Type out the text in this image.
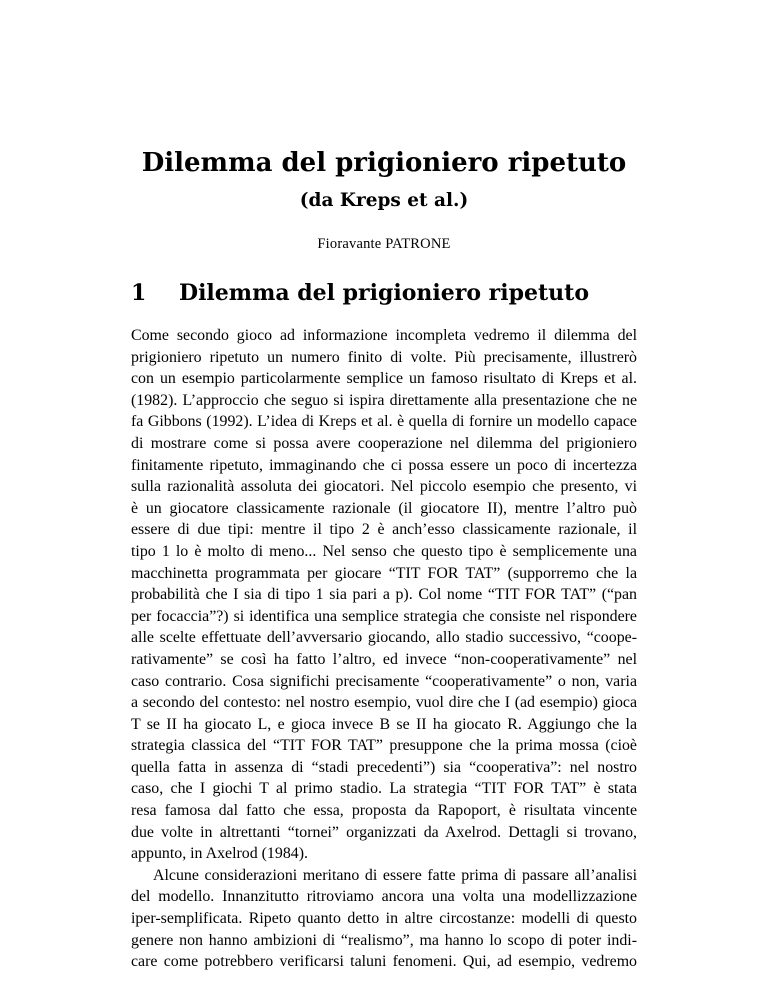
Dilemma del prigioniero ripetuto
(da Kreps et al.)
Fioravante PATRONE
1 Dilemma del prigioniero ripetuto
Come secondo gioco ad informazione incompleta vedremo il dilemma del
prigioniero ripetuto un numero finito di volte. Più precisamente, illustrerò
con un esempio particolarmente semplice un famoso risultato di Kreps et al.
(1982). L’approccio che seguo si ispira direttamente alla presentazione che ne
fa Gibbons (1992). L’idea di Kreps et al. è quella di fornire un modello capace
di mostrare come si possa avere cooperazione nel dilemma del prigioniero
finitamente ripetuto, immaginando che ci possa essere un poco di incertezza
sulla razionalità assoluta dei giocatori. Nel piccolo esempio che presento, vi
è un giocatore classicamente razionale (il giocatore II), mentre l’altro può
essere di due tipi: mentre il tipo 2 è anch’esso classicamente razionale, il
tipo 1 lo è molto di meno... Nel senso che questo tipo è semplicemente una
macchinetta programmata per giocare “TIT FOR TAT” (supporremo che la
probabilità che I sia di tipo 1 sia pari a p). Col nome “TIT FOR TAT” (“pan
per focaccia”?) si identifica una semplice strategia che consiste nel rispondere
alle scelte effettuate dell’avversario giocando, allo stadio successivo, “coope-
rativamente” se così ha fatto l’altro, ed invece “non-cooperativamente” nel
caso contrario. Cosa significhi precisamente “cooperativamente” o non, varia
a secondo del contesto: nel nostro esempio, vuol dire che I (ad esempio) gioca
T se II ha giocato L, e gioca invece B se II ha giocato R. Aggiungo che la
strategia classica del “TIT FOR TAT” presuppone che la prima mossa (cioè
quella fatta in assenza di “stadi precedenti”) sia “cooperativa”: nel nostro
caso, che I giochi T al primo stadio. La strategia “TIT FOR TAT” è stata
resa famosa dal fatto che essa, proposta da Rapoport, è risultata vincente
due volte in altrettanti “tornei” organizzati da Axelrod. Dettagli si trovano,
appunto, in Axelrod (1984).
Alcune considerazioni meritano di essere fatte prima di passare all’analisi
del modello. Innanzitutto ritroviamo ancora una volta una modellizzazione
iper-semplificata. Ripeto quanto detto in altre circostanze: modelli di questo
genere non hanno ambizioni di “realismo”, ma hanno lo scopo di poter indi-
care come potrebbero verificarsi taluni fenomeni. Qui, ad esempio, vedremo
